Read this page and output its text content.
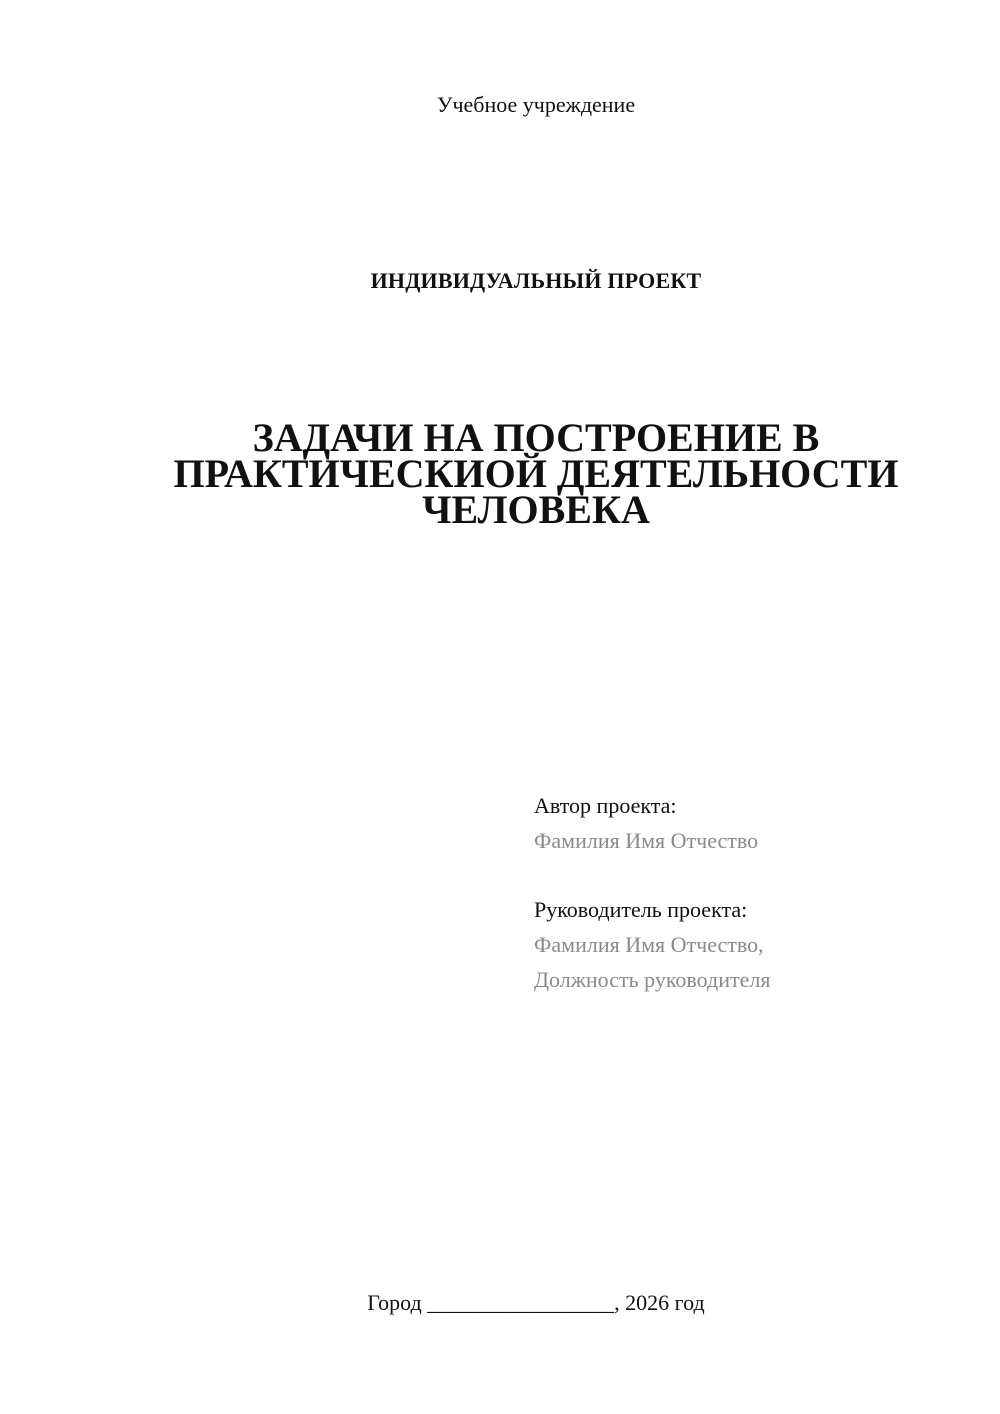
Учебное учреждение
ИНДИВИДУАЛЬНЫЙ ПРОЕКТ
ЗАДАЧИ НА ПОСТРОЕНИЕ В
ПРАКТИЧЕСКИОЙ ДЕЯТЕЛЬНОСТИ
ЧЕЛОВЕКА
Автор проекта:
Фамилия Имя Отчество
Руководитель проекта:
Фамилия Имя Отчество,
Должность руководителя
Город _________________, 2026 год
